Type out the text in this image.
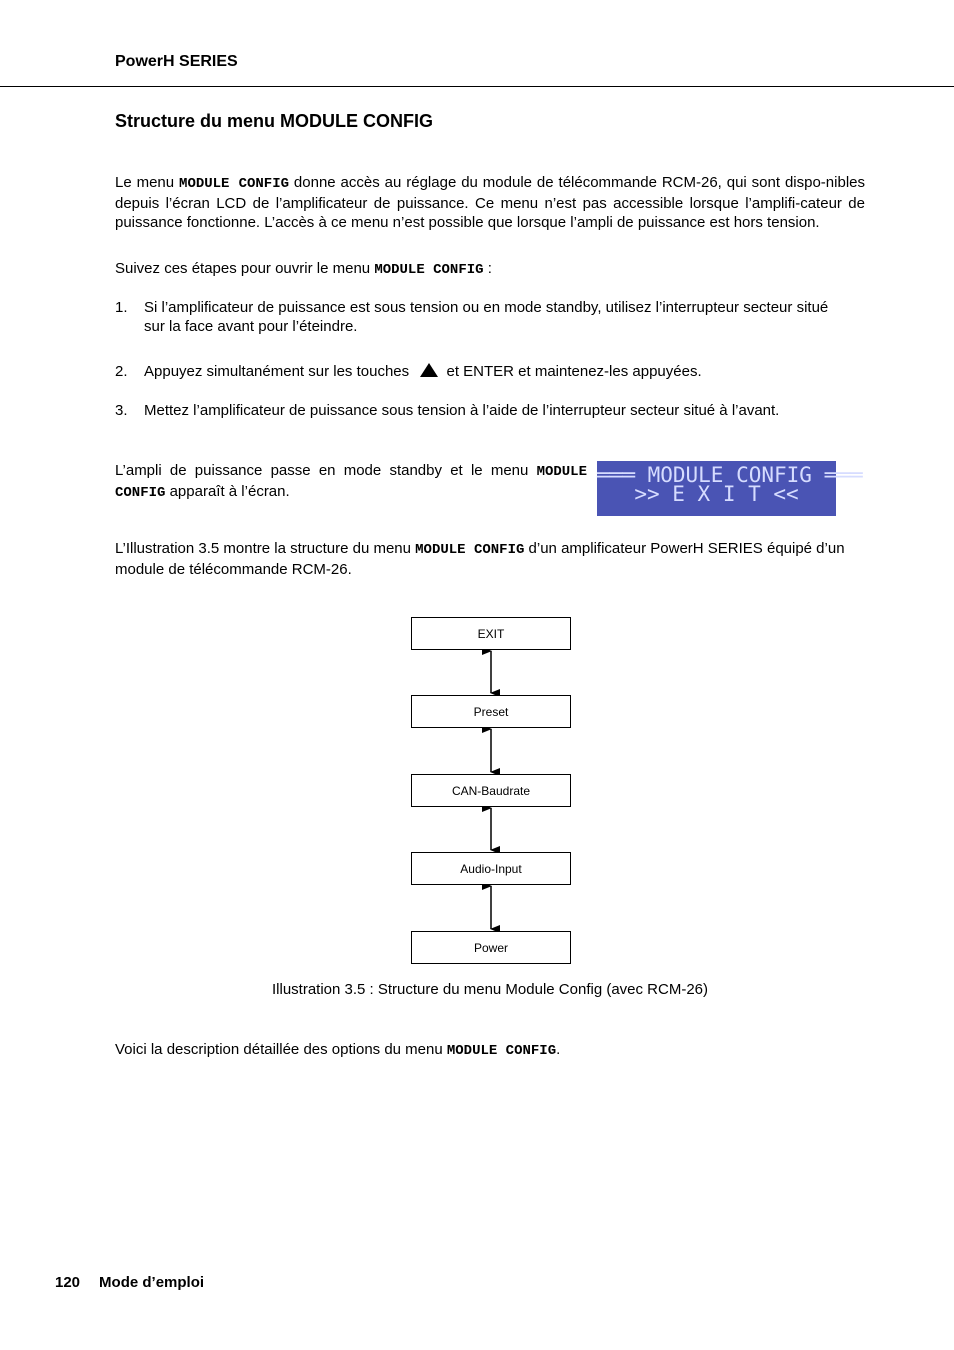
PowerH SERIES
Structure du menu MODULE CONFIG
Le menu MODULE CONFIG donne accès au réglage du module de télécommande RCM-26, qui sont dispo-nibles depuis l’écran LCD de l’amplificateur de puissance. Ce menu n’est pas accessible lorsque l’amplifi-cateur de puissance fonctionne. L’accès à ce menu n’est possible que lorsque l’ampli de puissance est hors tension.
Suivez ces étapes pour ouvrir le menu MODULE CONFIG :
1.	Si l’amplificateur de puissance est sous tension ou en mode standby, utilisez l’interrupteur secteur situé sur la face avant pour l’éteindre.
2. Appuyez simultanément sur les touches et ENTER et maintenez-les appuyées.
3. Mettez l’amplificateur de puissance sous tension à l’aide de l’interrupteur secteur situé à l’avant.
L’ampli de puissance passe en mode standby et le menu MODULE CONFIG apparaît à l’écran.
═══ MODULE CONFIG ═══
>> E X I T <<
L’Illustration 3.5 montre la structure du menu MODULE CONFIG d’un amplificateur PowerH SERIES équipé d’un module de télécommande RCM-26.
EXIT
Preset
CAN-Baudrate
Audio-Input
Power
Illustration 3.5 : Structure du menu Module Config (avec RCM-26)
Voici la description détaillée des options du menu MODULE CONFIG.
120 Mode d’emploi
